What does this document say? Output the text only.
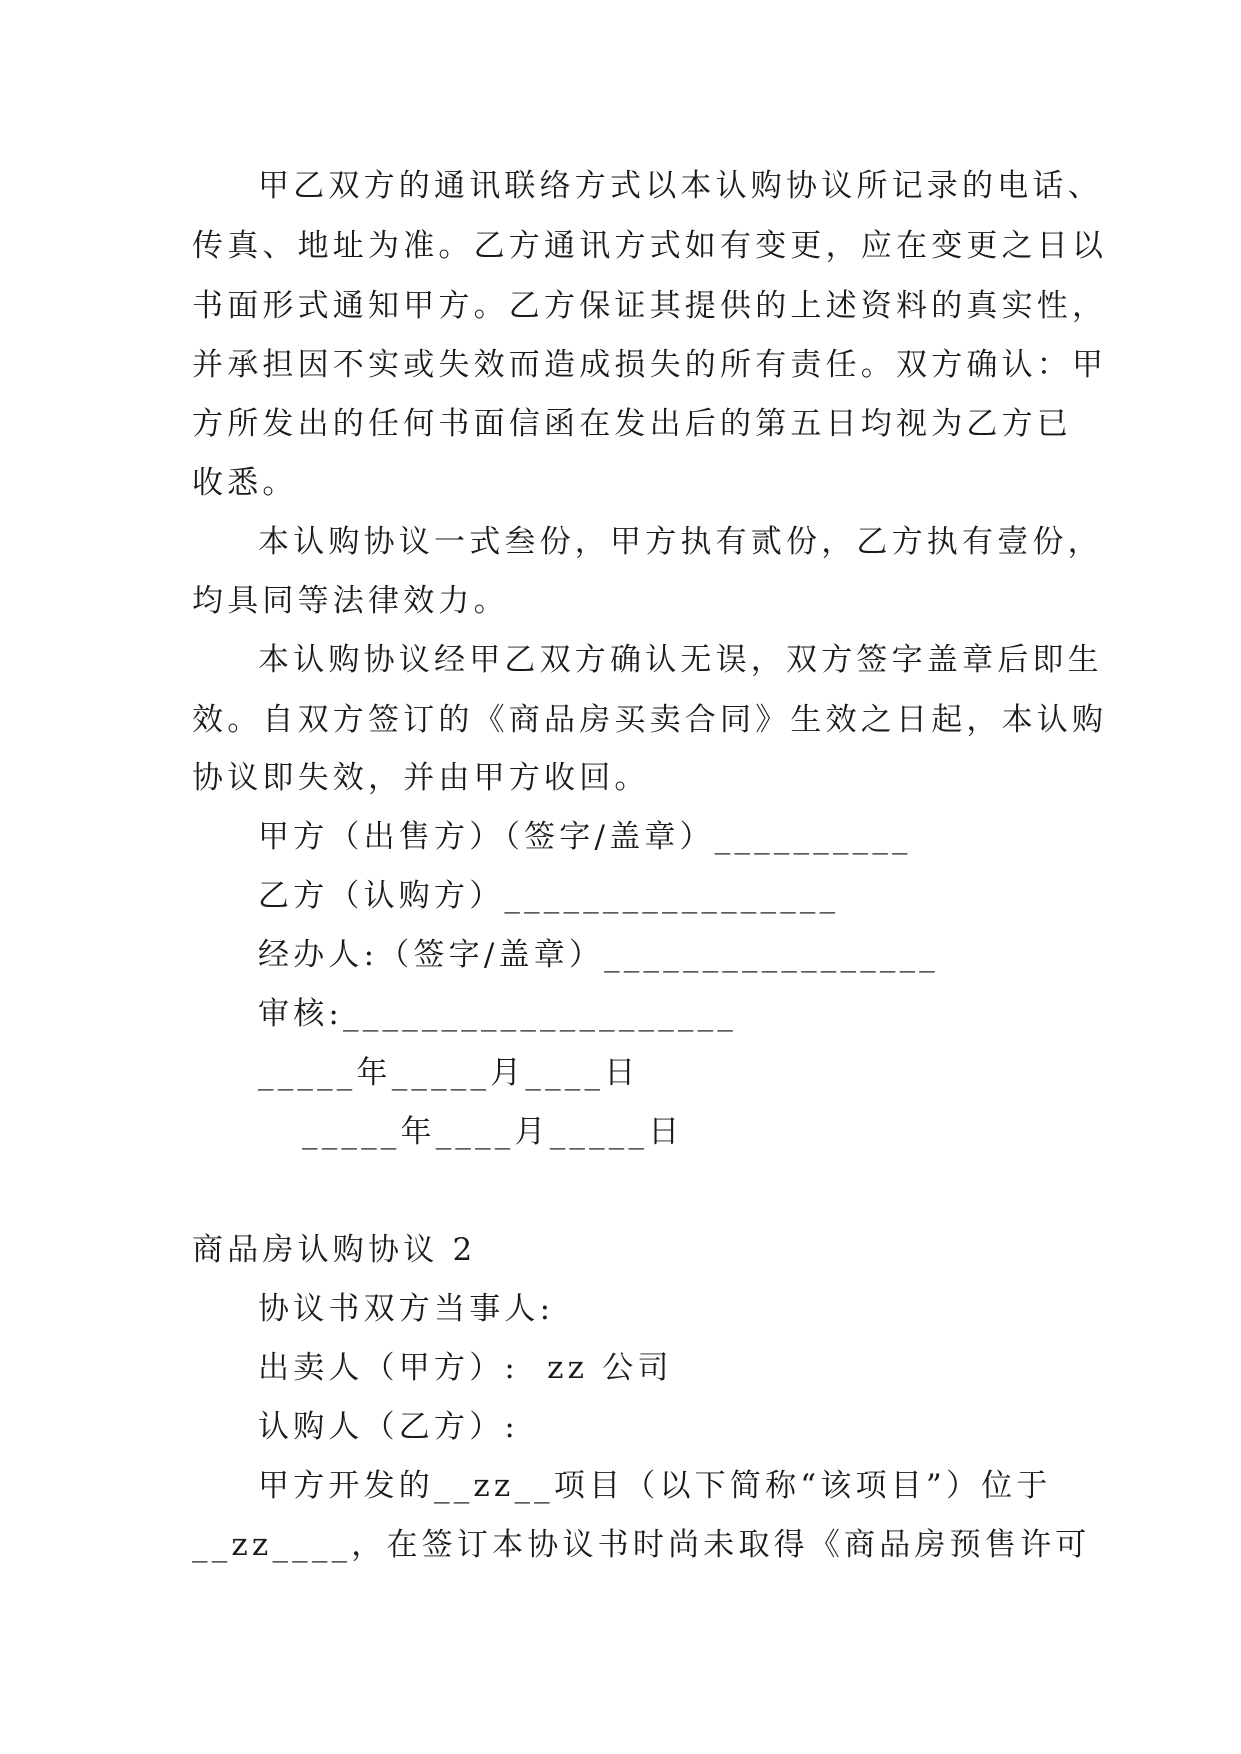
甲乙双方的通讯联络方式以本认购协议所记录的电话、
传真、地址为准。乙方通讯方式如有变更，应在变更之日以
书面形式通知甲方。乙方保证其提供的上述资料的真实性，
并承担因不实或失效而造成损失的所有责任。双方确认：甲
方所发出的任何书面信函在发出后的第五日均视为乙方已
收悉。
本认购协议一式叁份，甲方执有贰份，乙方执有壹份，
均具同等法律效力。
本认购协议经甲乙双方确认无误，双方签字盖章后即生
效。自双方签订的《商品房买卖合同》生效之日起，本认购
协议即失效，并由甲方收回。
甲方（出售方）（签字/盖章）__________
乙方（认购方）_________________
经办人:（签字/盖章）_________________
审核:____________________
_____年_____月____日
_____年____月_____日
商品房认购协议 2
协议书双方当事人:
出卖人（甲方）:  zz 公司
认购人（乙方）:
甲方开发的__zz__项目（以下简称“该项目”）位于
__zz____，在签订本协议书时尚未取得《商品房预售许可
